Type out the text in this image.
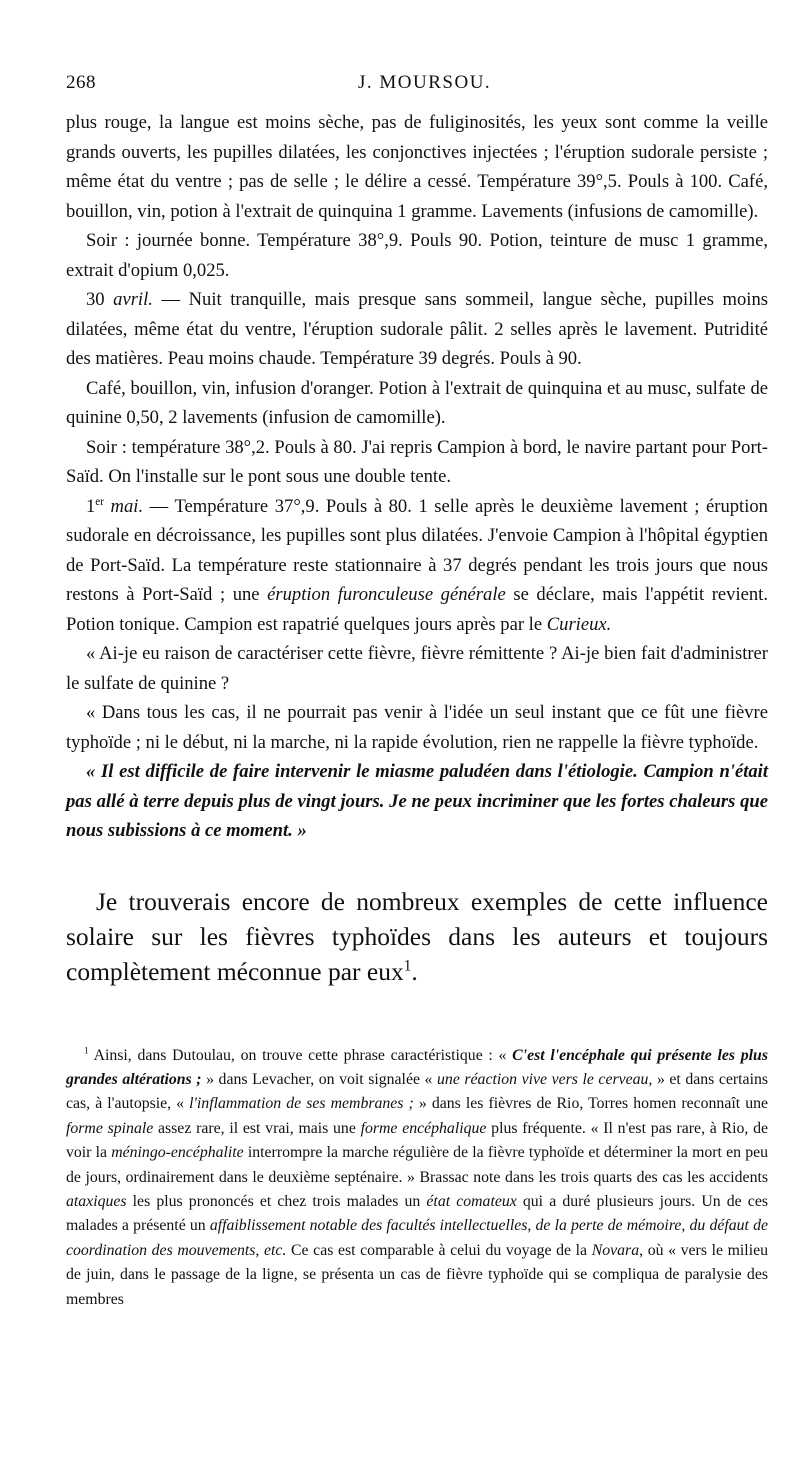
268	J. MOURSOU.

plus rouge, la langue est moins sèche, pas de fuliginosités, les yeux sont comme la veille grands ouverts, les pupilles dilatées, les conjonctives injectées ; l'éruption sudorale persiste ; même état du ventre ; pas de selle ; le délire a cessé. Température 39°,5. Pouls à 100. Café, bouillon, vin, potion à l'extrait de quinquina 1 gramme. Lavements (infusions de camomille).

Soir : journée bonne. Température 38°,9. Pouls 90. Potion, teinture de musc 1 gramme, extrait d'opium 0,025.

30 avril. — Nuit tranquille, mais presque sans sommeil, langue sèche, pupilles moins dilatées, même état du ventre, l'éruption sudorale pâlit. 2 selles après le lavement. Putridité des matières. Peau moins chaude. Température 39 degrés. Pouls à 90.

Café, bouillon, vin, infusion d'oranger. Potion à l'extrait de quinquina et au musc, sulfate de quinine 0,50, 2 lavements (infusion de camomille).

Soir : température 38°,2. Pouls à 80. J'ai repris Campion à bord, le navire partant pour Port-Saïd. On l'installe sur le pont sous une double tente.

1er mai. — Température 37°,9. Pouls à 80. 1 selle après le deuxième lavement ; éruption sudorale en décroissance, les pupilles sont plus dilatées. J'envoie Campion à l'hôpital égyptien de Port-Saïd. La température reste stationnaire à 37 degrés pendant les trois jours que nous restons à Port-Saïd ; une éruption furonculeuse générale se déclare, mais l'appétit revient. Potion tonique. Campion est rapatrié quelques jours après par le Curieux.

« Ai-je eu raison de caractériser cette fièvre, fièvre rémittente ? Ai-je bien fait d'administrer le sulfate de quinine ?

« Dans tous les cas, il ne pourrait pas venir à l'idée un seul instant que ce fût une fièvre typhoïde ; ni le début, ni la marche, ni la rapide évolution, rien ne rappelle la fièvre typhoïde.

« Il est difficile de faire intervenir le miasme paludéen dans l'étiologie. Campion n'était pas allé à terre depuis plus de vingt jours. Je ne peux incriminer que les fortes chaleurs que nous subissions à ce moment. »

Je trouverais encore de nombreux exemples de cette influence solaire sur les fièvres typhoïdes dans les auteurs et toujours complètement méconnue par eux$^1$.

$^1$ Ainsi, dans Dutoulau, on trouve cette phrase caractéristique : « C'est l'encéphale qui présente les plus grandes altérations ; » dans Levacher, on voit signalée « une réaction vive vers le cerveau, » et dans certains cas, à l'autopsie, « l'inflammation de ses membranes ; » dans les fièvres de Rio, Torres homen reconnaît une forme spinale assez rare, il est vrai, mais une forme encéphalique plus fréquente. « Il n'est pas rare, à Rio, de voir la méningo-encéphalite interrompre la marche régulière de la fièvre typhoïde et déterminer la mort en peu de jours, ordinairement dans le deuxième septénaire. » Brassac note dans les trois quarts des cas les accidents ataxiques les plus prononcés et chez trois malades un état comateux qui a duré plusieurs jours. Un de ces malades a présenté un affaiblissement notable des facultés intellectuelles, de la perte de mémoire, du défaut de coordination des mouvements, etc. Ce cas est comparable à celui du voyage de la Novara, où « vers le milieu de juin, dans le passage de la ligne, se présenta un cas de fièvre typhoïde qui se compliqua de paralysie des membres
